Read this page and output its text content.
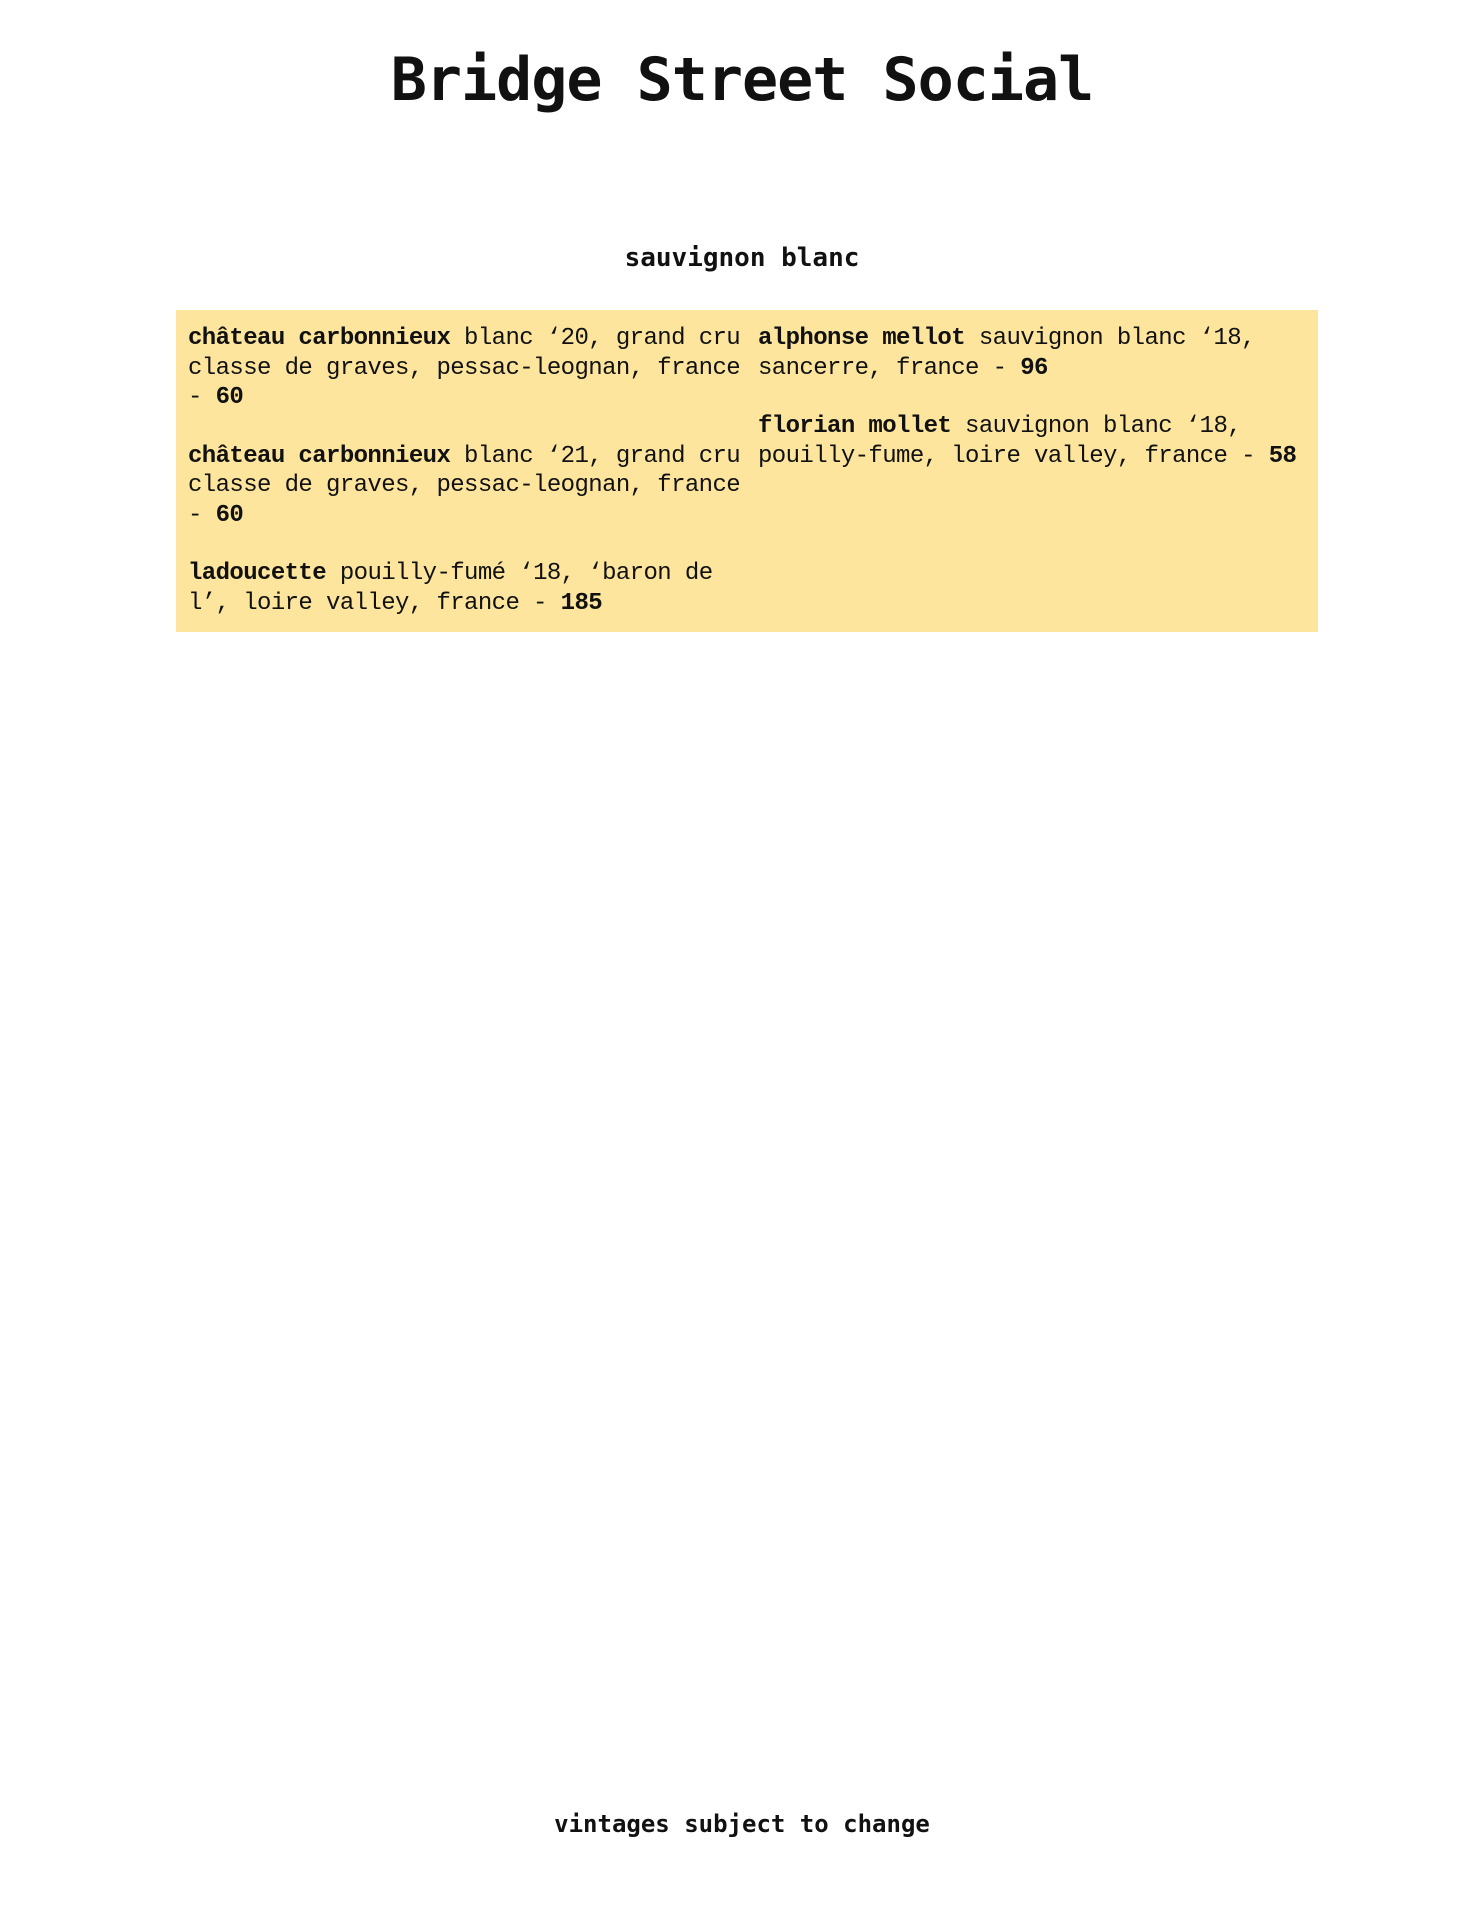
Bridge Street Social
sauvignon blanc

château carbonnieux blanc ‘20, grand cru classe de graves, pessac-leognan, france - 60

château carbonnieux blanc ‘21, grand cru classe de graves, pessac-leognan, france - 60

ladoucette pouilly-fumé ‘18, ‘baron de l’, loire valley, france - 185

alphonse mellot sauvignon blanc ‘18, sancerre, france - 96

florian mollet sauvignon blanc ‘18, pouilly-fume, loire valley, france - 58

vintages subject to change
